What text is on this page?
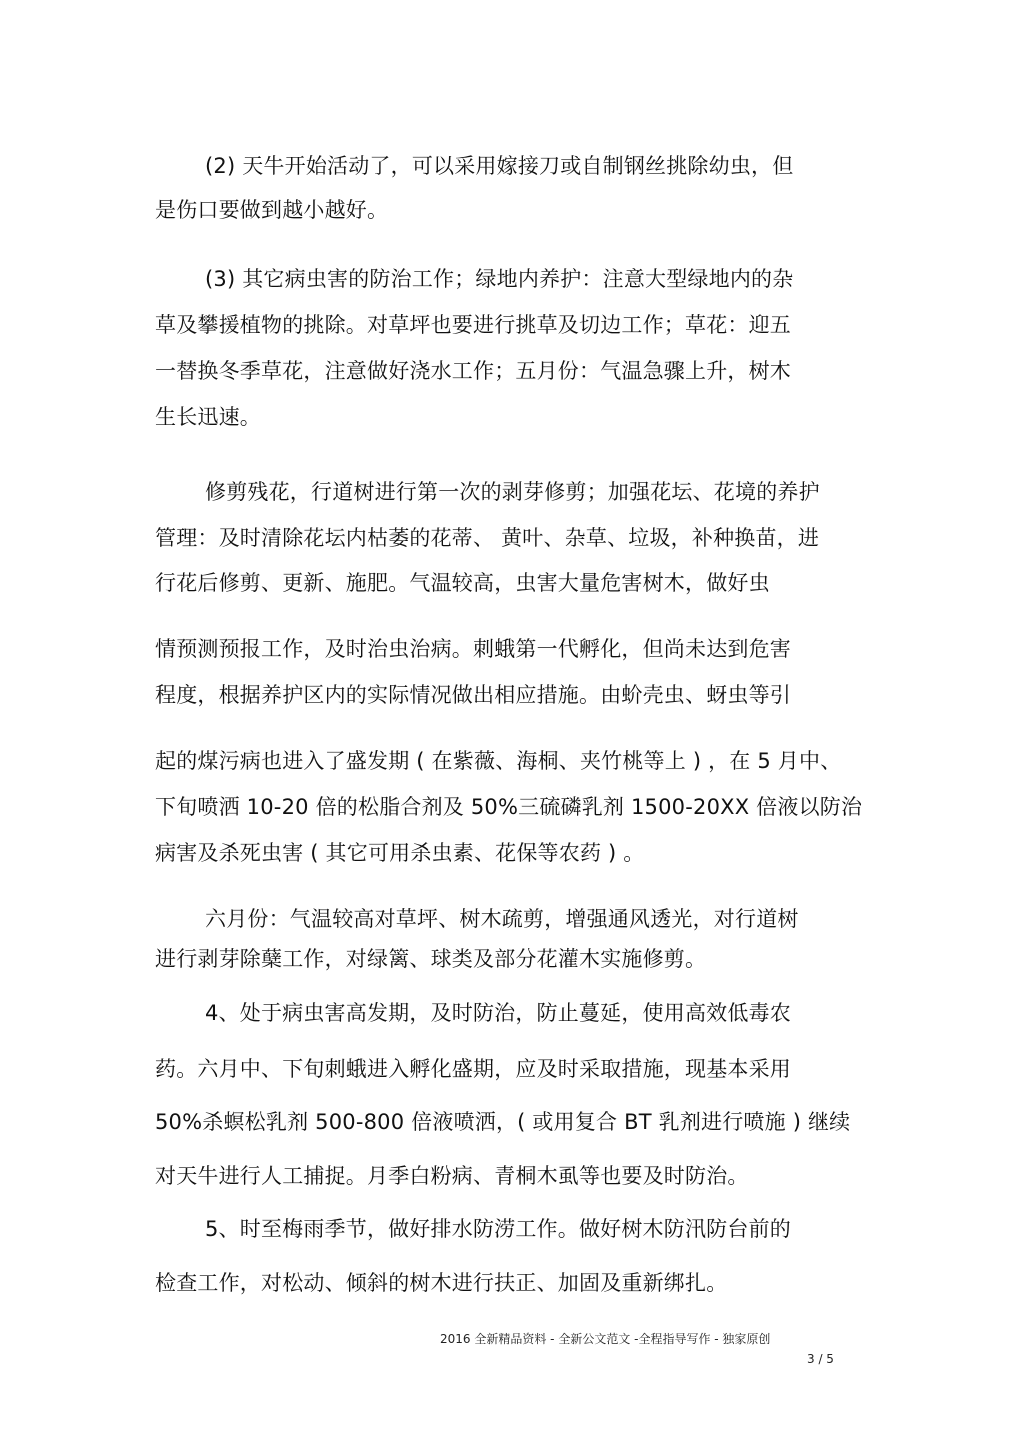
(2) 天牛开始活动了，可以采用嫁接刀或自制钢丝挑除幼虫，但
是伤口要做到越小越好。
(3) 其它病虫害的防治工作；绿地内养护：注意大型绿地内的杂
草及攀援植物的挑除。对草坪也要进行挑草及切边工作；草花：迎五
一替换冬季草花，注意做好浇水工作；五月份：气温急骤上升，树木
生长迅速。
修剪残花，行道树进行第一次的剥芽修剪；加强花坛、花境的养护
管理：及时清除花坛内枯萎的花蒂、 黄叶、杂草、垃圾，补种换苗，进
行花后修剪、更新、施肥。气温较高，虫害大量危害树木，做好虫
情预测预报工作，及时治虫治病。刺蛾第一代孵化，但尚未达到危害
程度，根据养护区内的实际情况做出相应措施。由蚧壳虫、蚜虫等引
起的煤污病也进入了盛发期 ( 在紫薇、海桐、夹竹桃等上 ) ，在 5 月中、
下旬喷洒 10-20 倍的松脂合剂及 50%三硫磷乳剂 1500-20XX 倍液以防治
病害及杀死虫害 ( 其它可用杀虫素、花保等农药 ) 。
六月份：气温较高对草坪、树木疏剪，增强通风透光，对行道树
进行剥芽除蘖工作，对绿篱、球类及部分花灌木实施修剪。
4、处于病虫害高发期，及时防治，防止蔓延，使用高效低毒农
药。六月中、下旬刺蛾进入孵化盛期，应及时采取措施，现基本采用
50%杀螟松乳剂 500-800 倍液喷洒，( 或用复合 BT 乳剂进行喷施 ) 继续
对天牛进行人工捕捉。月季白粉病、青桐木虱等也要及时防治。
5、时至梅雨季节，做好排水防涝工作。做好树木防汛防台前的
检查工作，对松动、倾斜的树木进行扶正、加固及重新绑扎。
2016 全新精品资料 - 全新公文范文 -全程指导写作 - 独家原创
3 / 5
